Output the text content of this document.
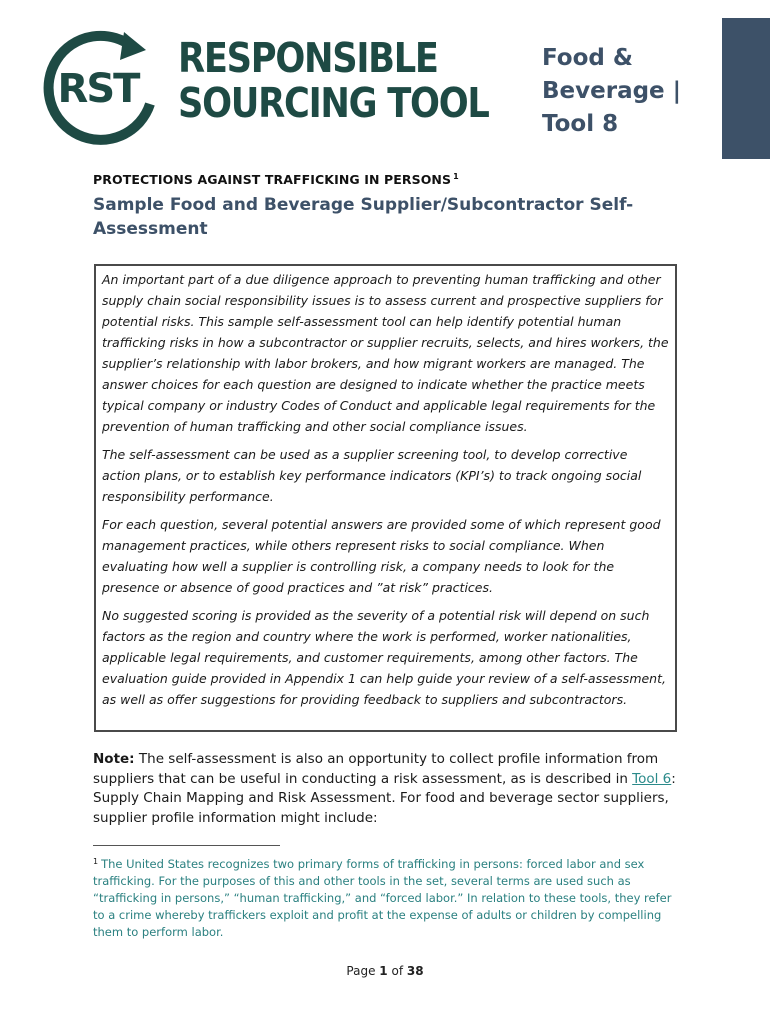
RST
RESPONSIBLE
SOURCING TOOL
Food &
Beverage |
Tool 8
PROTECTIONS AGAINST TRAFFICKING IN PERSONS $^1$
Sample Food and Beverage Supplier/Subcontractor Self-
Assessment

An important part of a due diligence approach to preventing human trafficking and other supply chain social responsibility issues is to assess current and prospective suppliers for potential risks. This sample self-assessment tool can help identify potential human trafficking risks in how a subcontractor or supplier recruits, selects, and hires workers, the supplier’s relationship with labor brokers, and how migrant workers are managed. The answer choices for each question are designed to indicate whether the practice meets typical company or industry Codes of Conduct and applicable legal requirements for the prevention of human trafficking and other social compliance issues.

The self-assessment can be used as a supplier screening tool, to develop corrective action plans, or to establish key performance indicators (KPI’s) to track ongoing social responsibility performance.

For each question, several potential answers are provided some of which represent good management practices, while others represent risks to social compliance. When evaluating how well a supplier is controlling risk, a company needs to look for the presence or absence of good practices and ”at risk” practices.

No suggested scoring is provided as the severity of a potential risk will depend on such factors as the region and country where the work is performed, worker nationalities, applicable legal requirements, and customer requirements, among other factors. The evaluation guide provided in Appendix 1 can help guide your review of a self-assessment, as well as offer suggestions for providing feedback to suppliers and subcontractors.

Note: The self-assessment is also an opportunity to collect profile information from suppliers that can be useful in conducting a risk assessment, as is described in Tool 6: Supply Chain Mapping and Risk Assessment. For food and beverage sector suppliers, supplier profile information might include:
$^1$ The United States recognizes two primary forms of trafficking in persons: forced labor and sex trafficking. For the purposes of this and other tools in the set, several terms are used such as “trafficking in persons,” “human trafficking,” and “forced labor.” In relation to these tools, they refer to a crime whereby traffickers exploit and profit at the expense of adults or children by compelling them to perform labor.
Page 1 of 38
